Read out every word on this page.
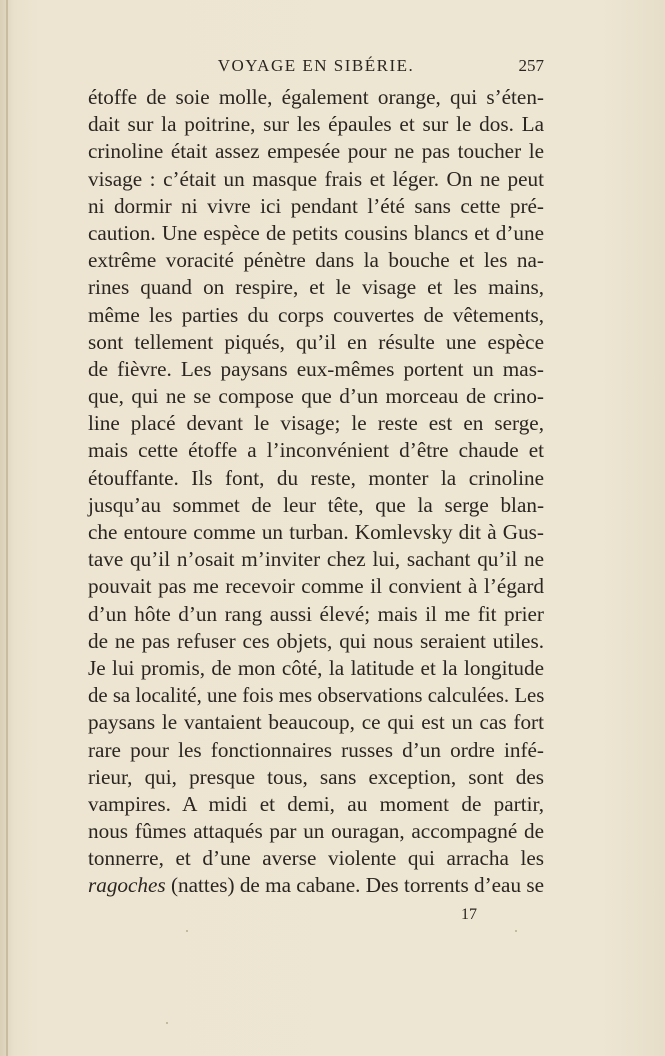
VOYAGE EN SIBÉRIE.	257
étoffe de soie molle, également orange, qui s’éten-
dait sur la poitrine, sur les épaules et sur le dos. La
crinoline était assez empesée pour ne pas toucher le
visage : c’était un masque frais et léger. On ne peut
ni dormir ni vivre ici pendant l’été sans cette pré-
caution. Une espèce de petits cousins blancs et d’une
extrême voracité pénètre dans la bouche et les na-
rines quand on respire, et le visage et les mains,
même les parties du corps couvertes de vêtements,
sont tellement piqués, qu’il en résulte une espèce
de fièvre. Les paysans eux-mêmes portent un mas-
que, qui ne se compose que d’un morceau de crino-
line placé devant le visage; le reste est en serge,
mais cette étoffe a l’inconvénient d’être chaude et
étouffante. Ils font, du reste, monter la crinoline
jusqu’au sommet de leur tête, que la serge blan-
che entoure comme un turban. Komlevsky dit à Gus-
tave qu’il n’osait m’inviter chez lui, sachant qu’il ne
pouvait pas me recevoir comme il convient à l’égard
d’un hôte d’un rang aussi élevé; mais il me fit prier
de ne pas refuser ces objets, qui nous seraient utiles.
Je lui promis, de mon côté, la latitude et la longitude
de sa localité, une fois mes observations calculées. Les
paysans le vantaient beaucoup, ce qui est un cas fort
rare pour les fonctionnaires russes d’un ordre infé-
rieur, qui, presque tous, sans exception, sont des
vampires. A midi et demi, au moment de partir,
nous fûmes attaqués par un ouragan, accompagné de
tonnerre, et d’une averse violente qui arracha les
ragoches (nattes) de ma cabane. Des torrents d’eau se
17
